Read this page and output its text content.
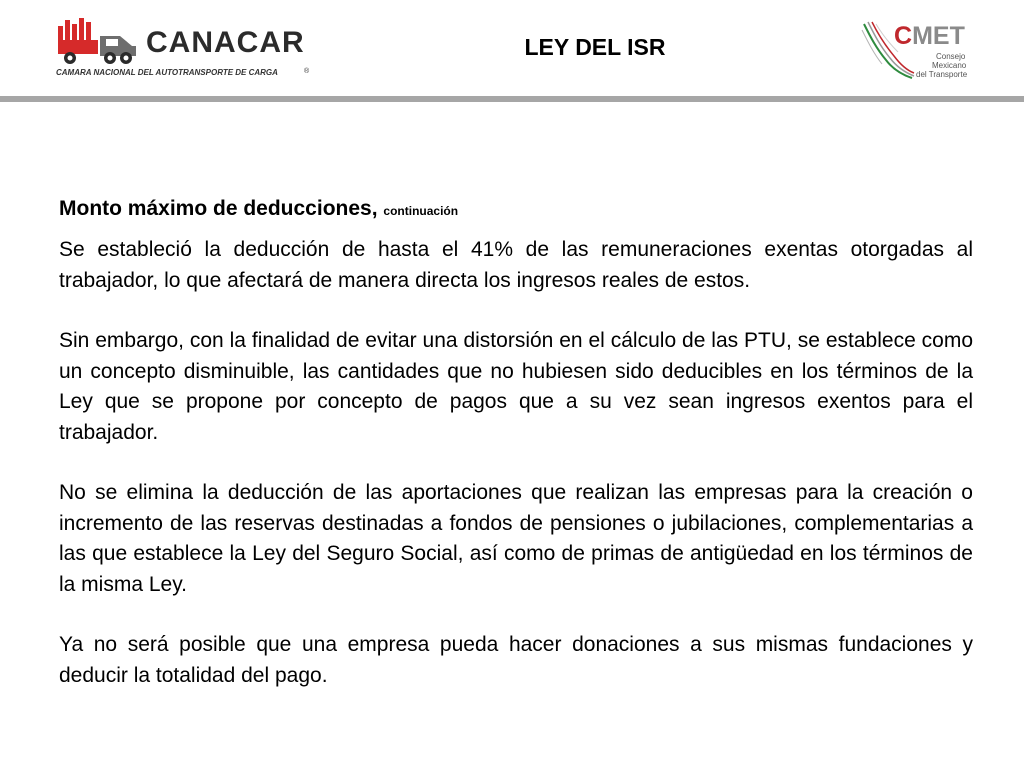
CANACAR
CAMARA NACIONAL DEL AUTOTRANSPORTE DE CARGA	®
LEY DEL ISR	CMET
Consejo
Mexicano
del Transporte

Monto máximo de deducciones, continuación

Se estableció la deducción de hasta el 41% de las remuneraciones exentas otorgadas al trabajador, lo que afectará de manera directa los ingresos reales de estos.

Sin embargo, con la finalidad de evitar una distorsión en el cálculo de las PTU, se establece como un concepto disminuible, las cantidades que no hubiesen sido deducibles en los términos de la Ley que se propone por concepto de pagos que a su vez sean ingresos exentos para el trabajador.

No se elimina la deducción de las aportaciones que realizan las empresas para la creación o incremento de las reservas destinadas a fondos de pensiones o jubilaciones, complementarias a las que establece la Ley del Seguro Social, así como de primas de antigüedad en los términos de la misma Ley.

Ya no será posible que una empresa pueda hacer donaciones a sus mismas fundaciones y deducir la totalidad del pago.
